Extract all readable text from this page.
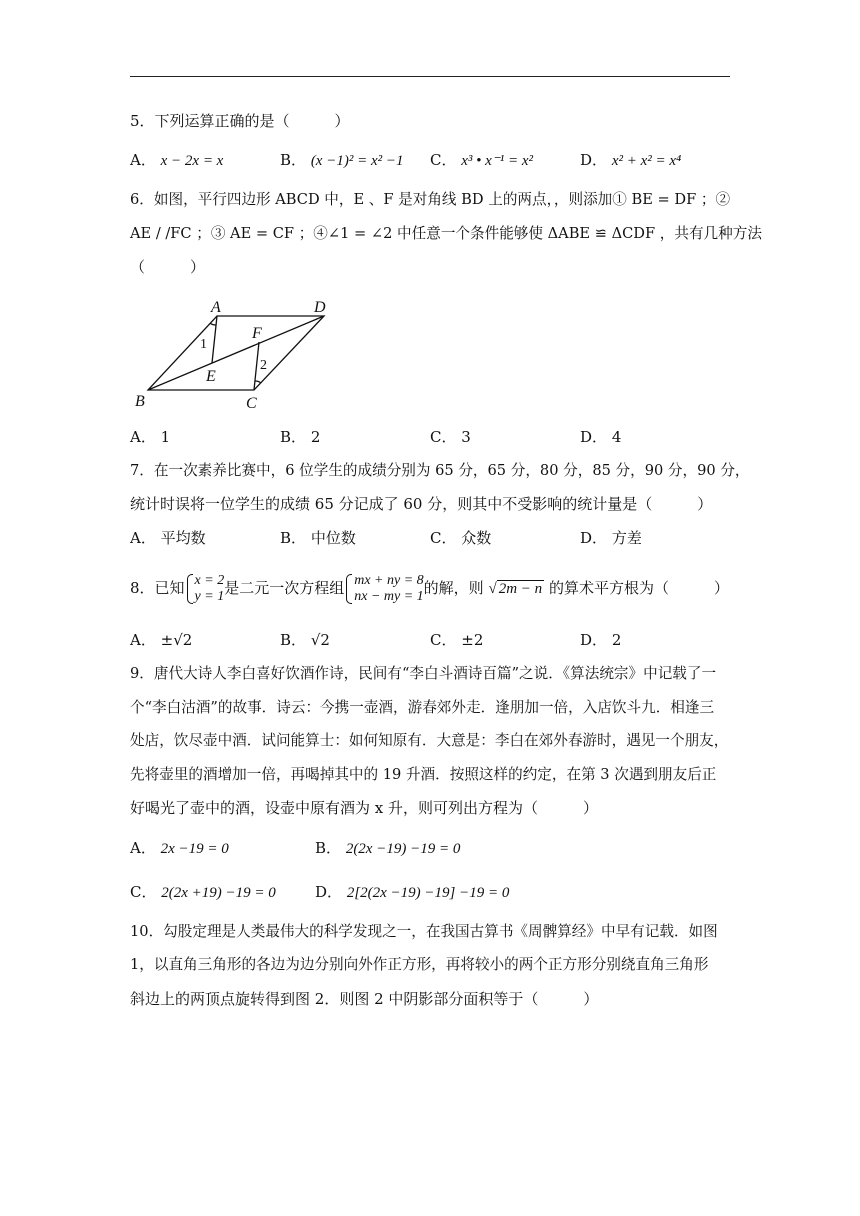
5．下列运算正确的是（　　　）
A． x − 2x = x	B． (x −1)² = x² −1 C． x³ • x⁻¹ = x²	D． x² + x² = x⁴
6．如图，平行四边形 ABCD 中，E 、F 是对角线 BD 上的两点，，则添加① BE = DF ；②
AE / /FC ；③ AE = CF ；④∠1 = ∠2 中任意一个条件能够使 ΔABE ≌ ΔCDF ，共有几种方法
（　　　）
A	D
B	C
E
F
1
2
A． 1	B． 2	C． 3	D． 4
7．在一次素养比赛中，6 位学生的成绩分别为 65 分，65 分，80 分，85 分，90 分，90 分，
统计时误将一位学生的成绩 65 分记成了 60 分，则其中不受影响的统计量是（　　　）
A． 平均数	B． 中位数	C． 众数	D． 方差
8．已知 x = 2
y = 1 是二元一次方程组 mx + ny = 8
nx − my = 1 的解，则 √ 2m − n 的算术平方根为（　　　）
A． ±√2	B． √2	C． ±2	D． 2
9．唐代大诗人李白喜好饮酒作诗，民间有“李白斗酒诗百篇”之说．《算法统宗》中记载了一
个“李白沽酒”的故事．诗云：今携一壶酒，游春郊外走．逢朋加一倍，入店饮斗九．相逢三
处店，饮尽壶中酒．试问能算士：如何知原有．大意是：李白在郊外春游时，遇见一个朋友，
先将壶里的酒增加一倍，再喝掉其中的 19 升酒．按照这样的约定，在第 3 次遇到朋友后正
好喝光了壶中的酒，设壶中原有酒为 x 升，则可列出方程为（　　　）
A． 2x −19 = 0	B． 2(2x −19) −19 = 0
C． 2(2x +19) −19 = 0	D． 2[2(2x −19) −19] −19 = 0
10．勾股定理是人类最伟大的科学发现之一，在我国古算书《周髀算经》中早有记载．如图
1，以直角三角形的各边为边分别向外作正方形，再将较小的两个正方形分别绕直角三角形
斜边上的两顶点旋转得到图 2．则图 2 中阴影部分面积等于（　　　）
